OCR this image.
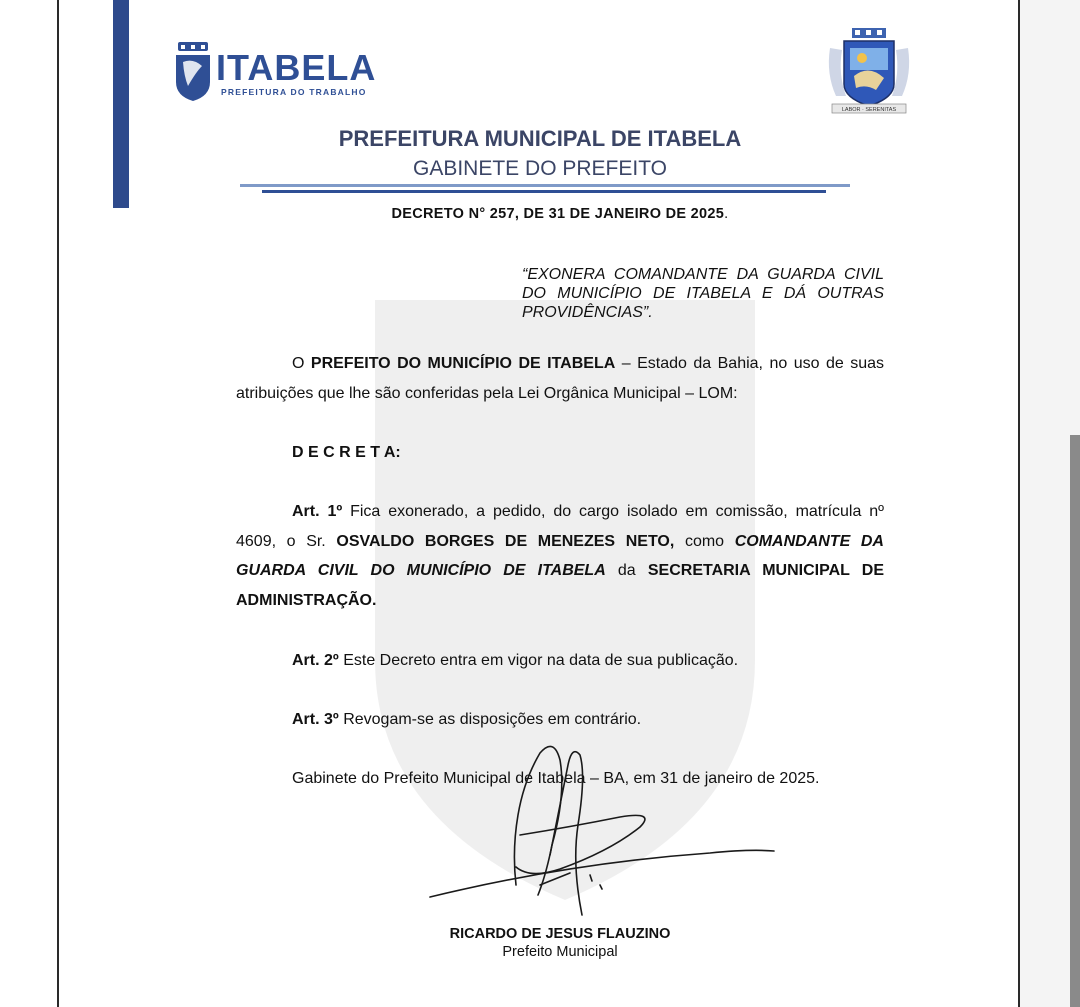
ITABELA
PREFEITURA DO TRABALHO
LABOR · SERENITAS
PREFEITURA MUNICIPAL DE ITABELA
GABINETE DO PREFEITO
DECRETO N° 257, DE 31 DE JANEIRO DE 2025.
“EXONERA COMANDANTE DA GUARDA CIVIL DO MUNICÍPIO DE ITABELA E DÁ OUTRAS PROVIDÊNCIAS”.
O PREFEITO DO MUNICÍPIO DE ITABELA – Estado da Bahia, no uso de suas atribuições que lhe são conferidas pela Lei Orgânica Municipal – LOM:
D E C R E T A:
Art. 1º Fica exonerado, a pedido, do cargo isolado em comissão, matrícula nº 4609, o Sr. OSVALDO BORGES DE MENEZES NETO, como COMANDANTE DA GUARDA CIVIL DO MUNICÍPIO DE ITABELA da SECRETARIA MUNICIPAL DE ADMINISTRAÇÃO.
Art. 2º Este Decreto entra em vigor na data de sua publicação.
Art. 3º Revogam-se as disposições em contrário.
Gabinete do Prefeito Municipal de Itabela – BA, em 31 de janeiro de 2025.
RICARDO DE JESUS FLAUZINO
Prefeito Municipal
